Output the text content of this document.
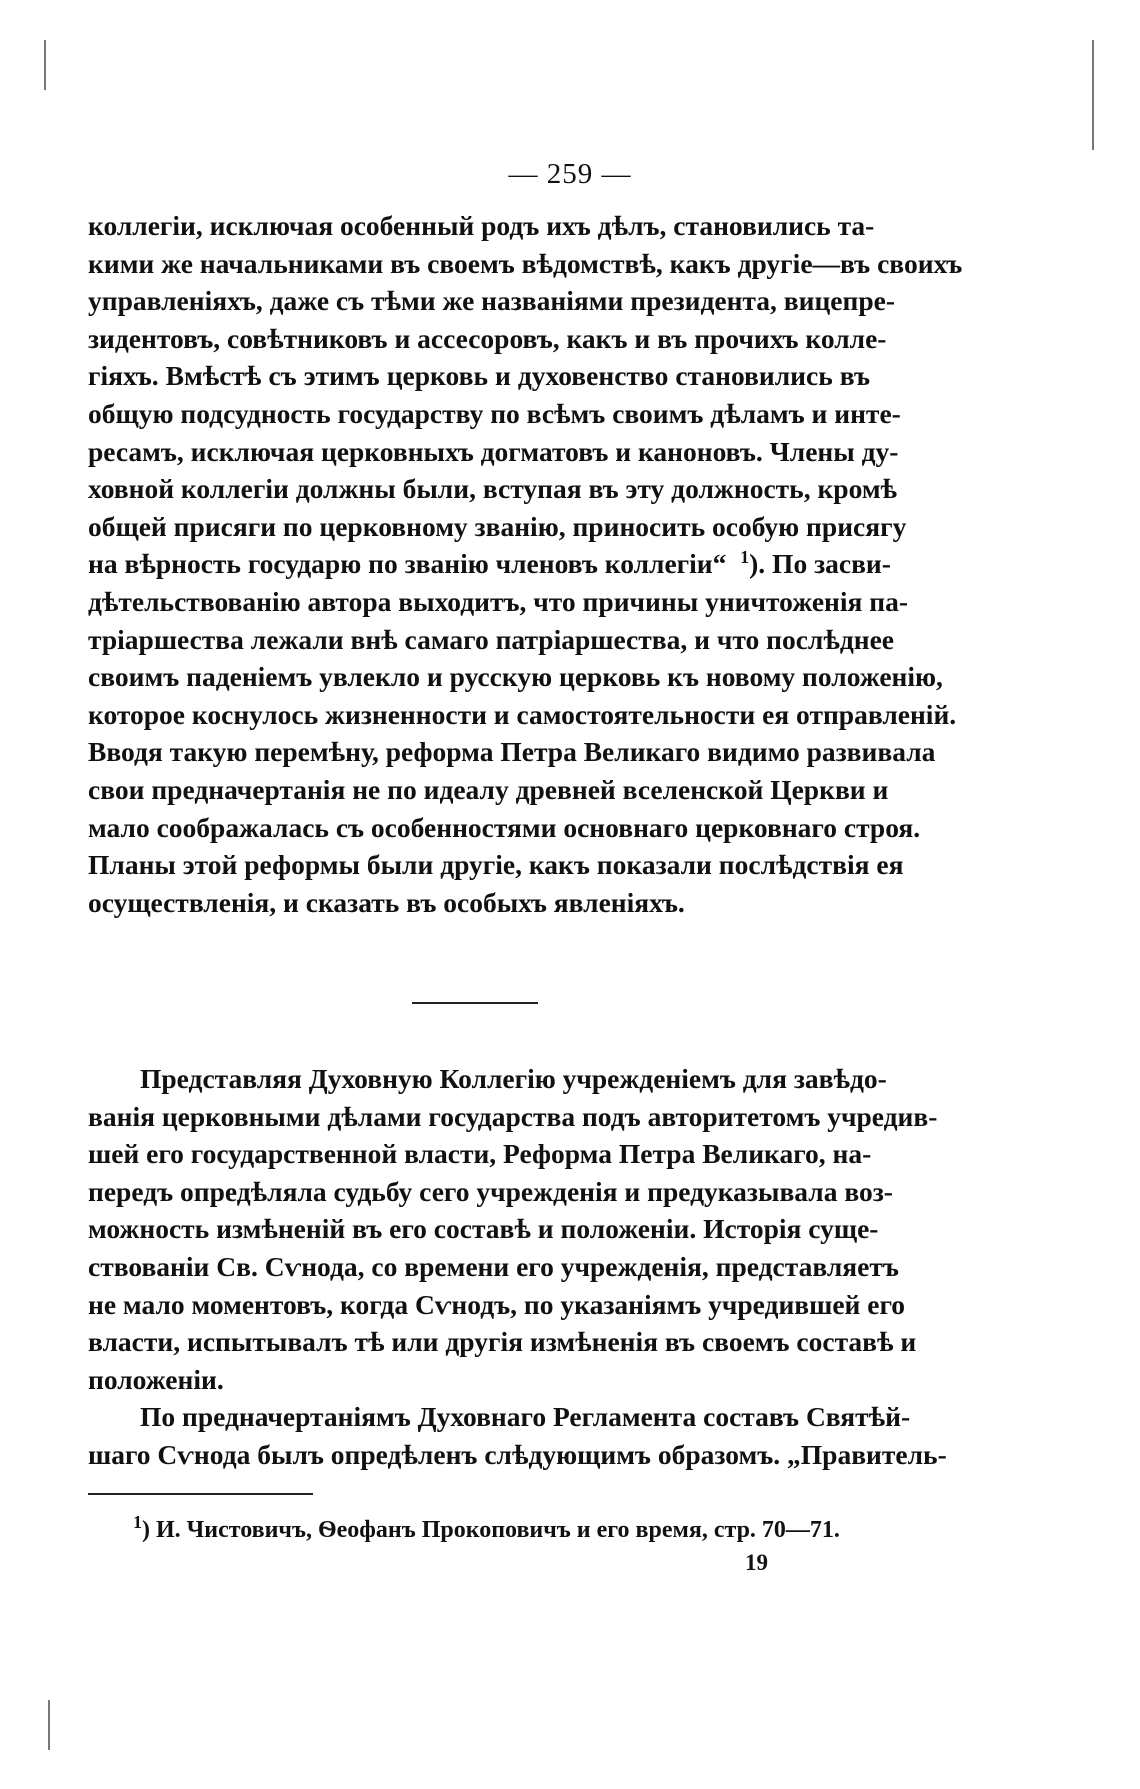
— 259 —
коллегіи, исключая особенный родъ ихъ дѣлъ, становились та-
кими же начальниками въ своемъ вѣдомствѣ, какъ другіе—въ своихъ
управленіяхъ, даже съ тѣми же названіями президента, вицепре-
зидентовъ, совѣтниковъ и ассесоровъ, какъ и въ прочихъ колле-
гіяхъ. Вмѣстѣ съ этимъ церковь и духовенство становились въ
общую подсудность государству по всѣмъ своимъ дѣламъ и инте-
ресамъ, исключая церковныхъ догматовъ и каноновъ. Члены ду-
ховной коллегіи должны были, вступая въ эту должность, кромѣ
общей присяги по церковному званію, приносить особую присягу
на вѣрность государю по званію членовъ коллегіи“ $^1$). По засви-
дѣтельствованію автора выходитъ, что причины уничтоженія па-
тріаршества лежали внѣ самаго патріаршества, и что послѣднее
своимъ паденіемъ увлекло и русскую церковь къ новому положенію,
которое коснулось жизненности и самостоятельности ея отправленій.
Вводя такую перемѣну, реформа Петра Великаго видимо развивала
свои предначертанія не по идеалу древней вселенской Церкви и
мало соображалась съ особенностями основнаго церковнаго строя.
Планы этой реформы были другіе, какъ показали послѣдствія ея
осуществленія, и сказать въ особыхъ явленіяхъ.
Представляя Духовную Коллегію учрежденіемъ для завѣдо-
ванія церковными дѣлами государства подъ авторитетомъ учредив-
шей его государственной власти, Реформа Петра Великаго, на-
передъ опредѣляла судьбу сего учрежденія и предуказывала воз-
можность измѣненій въ его составѣ и положеніи. Исторія суще-
ствованіи Св. Сѵнода, со времени его учрежденія, представляетъ
не мало моментовъ, когда Сѵнодъ, по указаніямъ учредившей его
власти, испытывалъ тѣ или другія измѣненія въ своемъ составѣ и
положеніи.
По предначертаніямъ Духовнаго Регламента составъ Святѣй-
шаго Сѵнода былъ опредѣленъ слѣдующимъ образомъ. „Правитель-
$^1$) И. Чистовичъ, Ѳеофанъ Прокоповичъ и его время, стр. 70—71.
19
